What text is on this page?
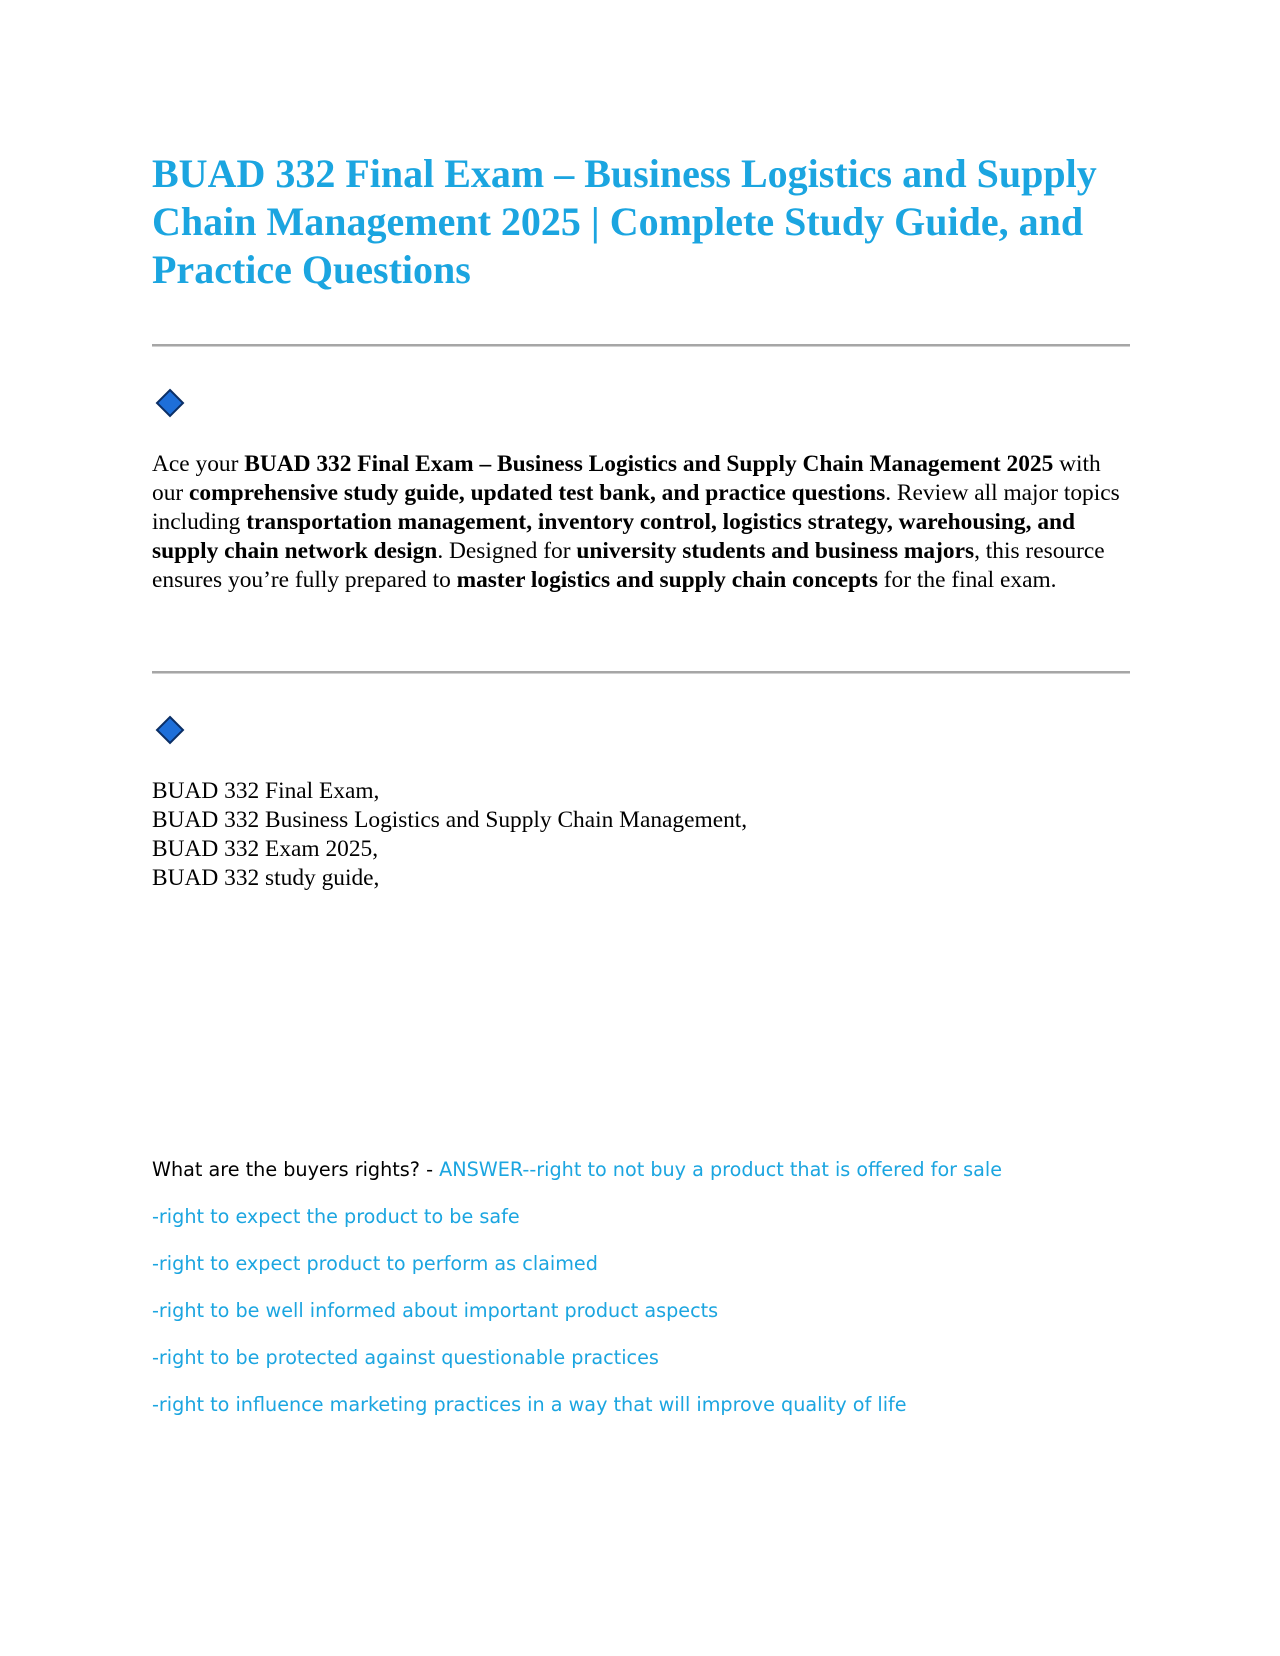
BUAD 332 Final Exam – Business Logistics and Supply Chain Management 2025 | Complete Study Guide, and Practice Questions

Ace your BUAD 332 Final Exam – Business Logistics and Supply Chain Management 2025 with our comprehensive study guide, updated test bank, and practice questions. Review all major topics including transportation management, inventory control, logistics strategy, warehousing, and supply chain network design. Designed for university students and business majors, this resource ensures you’re fully prepared to master logistics and supply chain concepts for the final exam.

BUAD 332 Final Exam,
BUAD 332 Business Logistics and Supply Chain Management,
BUAD 332 Exam 2025,
BUAD 332 study guide,
What are the buyers rights? - ANSWER--right to not buy a product that is offered for sale
-right to expect the product to be safe
-right to expect product to perform as claimed
-right to be well informed about important product aspects
-right to be protected against questionable practices
-right to influence marketing practices in a way that will improve quality of life
